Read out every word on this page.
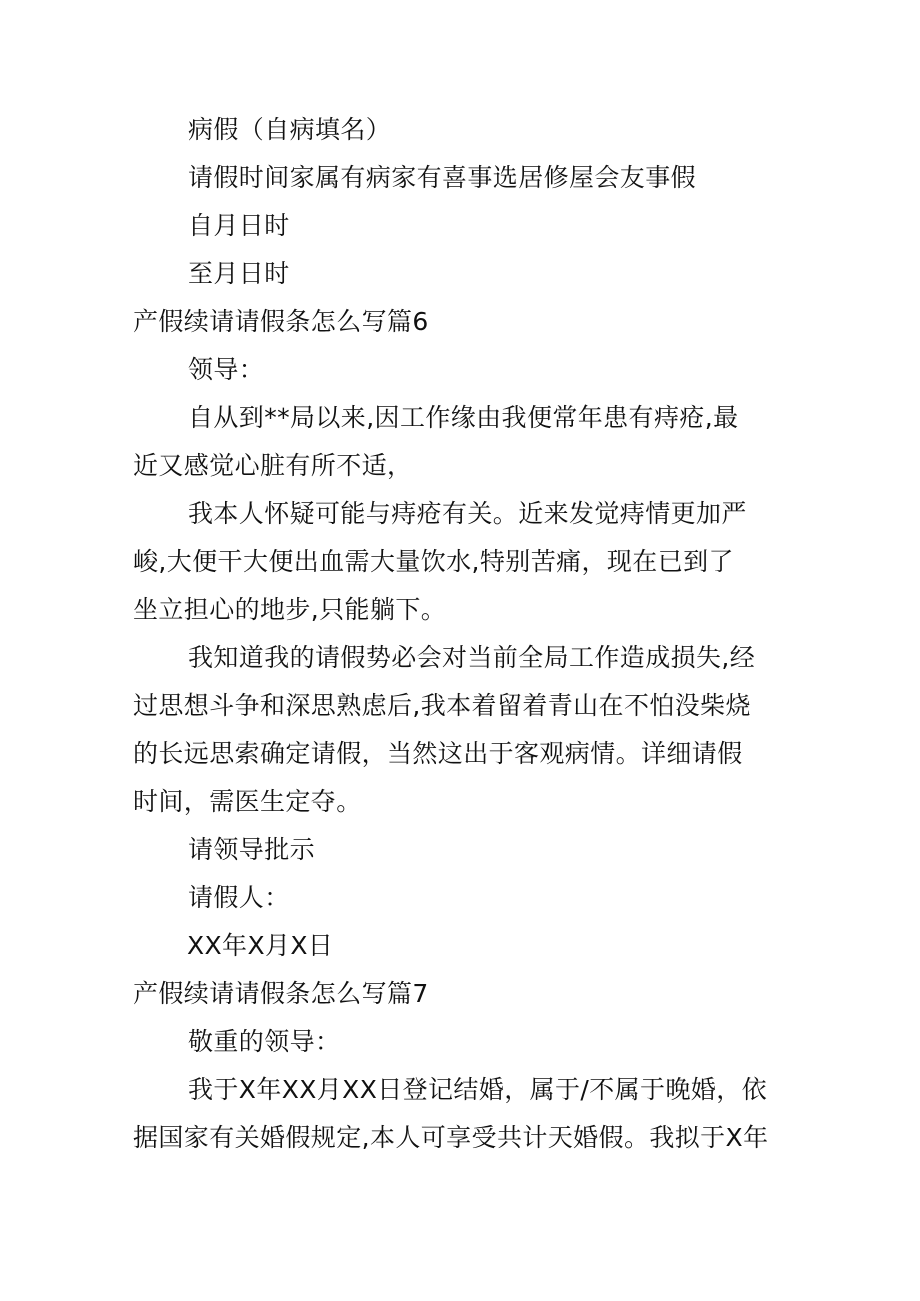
病假（自病填名）
请假时间家属有病家有喜事选居修屋会友事假
自月日时
至月日时
产假续请请假条怎么写篇6
领导：
自从到**局以来,因工作缘由我便常年患有痔疮,最
近又感觉心脏有所不适，
我本人怀疑可能与痔疮有关。近来发觉痔情更加严
峻,大便干大便出血需大量饮水,特别苦痛，现在已到了
坐立担心的地步,只能躺下。
我知道我的请假势必会对当前全局工作造成损失,经
过思想斗争和深思熟虑后,我本着留着青山在不怕没柴烧
的长远思索确定请假，当然这出于客观病情。详细请假
时间，需医生定夺。
请领导批示
请假人：
XX年X月X日
产假续请请假条怎么写篇7
敬重的领导：
我于X年XX月XX日登记结婚，属于/不属于晚婚，依
据国家有关婚假规定,本人可享受共计天婚假。我拟于X年
